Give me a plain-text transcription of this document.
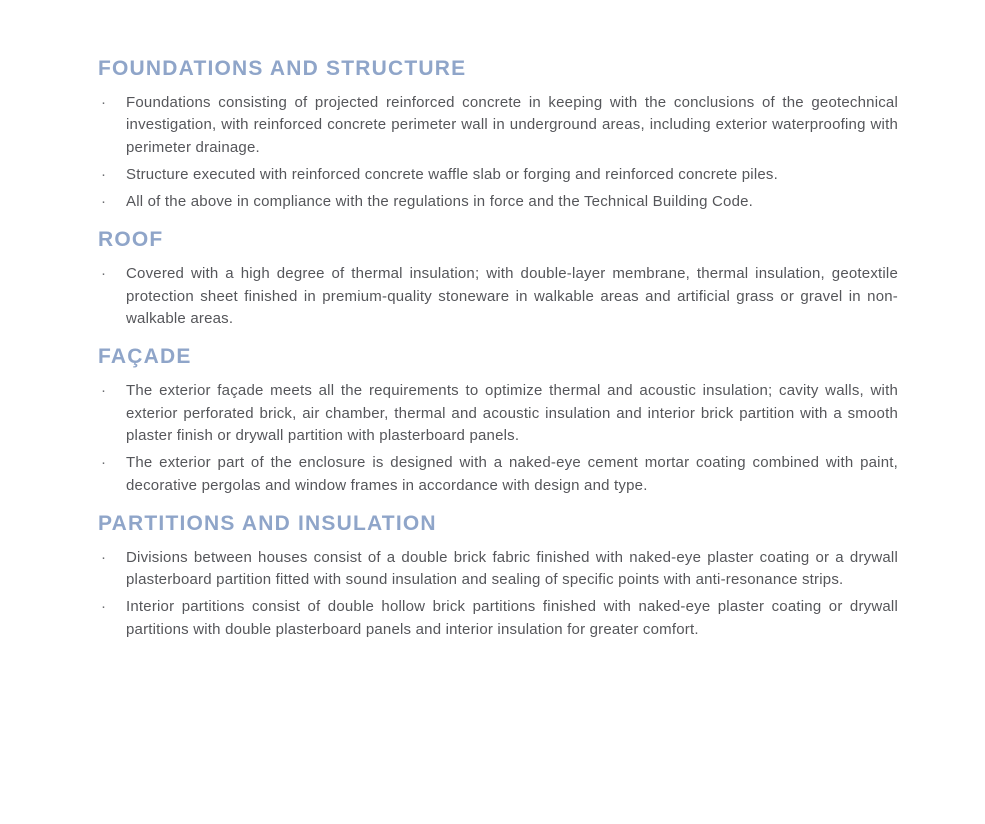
FOUNDATIONS AND STRUCTURE
· Foundations consisting of projected reinforced concrete in keeping with the conclusions of the geotechnical investigation, with reinforced concrete perimeter wall in underground areas, including exterior waterproofing with perimeter drainage.
· Structure executed with reinforced concrete waffle slab or forging and reinforced concrete piles.
· All of the above in compliance with the regulations in force and the Technical Building Code.
ROOF
· Covered with a high degree of thermal insulation; with double-layer membrane, thermal insulation, geotextile protection sheet finished in premium-quality stoneware in walkable areas and artificial grass or gravel in non-walkable areas.
FAÇADE
· The exterior façade meets all the requirements to optimize thermal and acoustic insulation; cavity walls, with exterior perforated brick, air chamber, thermal and acoustic insulation and interior brick partition with a smooth plaster finish or drywall partition with plasterboard panels.
· The exterior part of the enclosure is designed with a naked-eye cement mortar coating combined with paint, decorative pergolas and window frames in accordance with design and type.
PARTITIONS AND INSULATION
· Divisions between houses consist of a double brick fabric finished with naked-eye plaster coating or a drywall plasterboard partition fitted with sound insulation and sealing of specific points with anti-resonance strips.
· Interior partitions consist of double hollow brick partitions finished with naked-eye plaster coating or drywall partitions with double plasterboard panels and interior insulation for greater comfort.
